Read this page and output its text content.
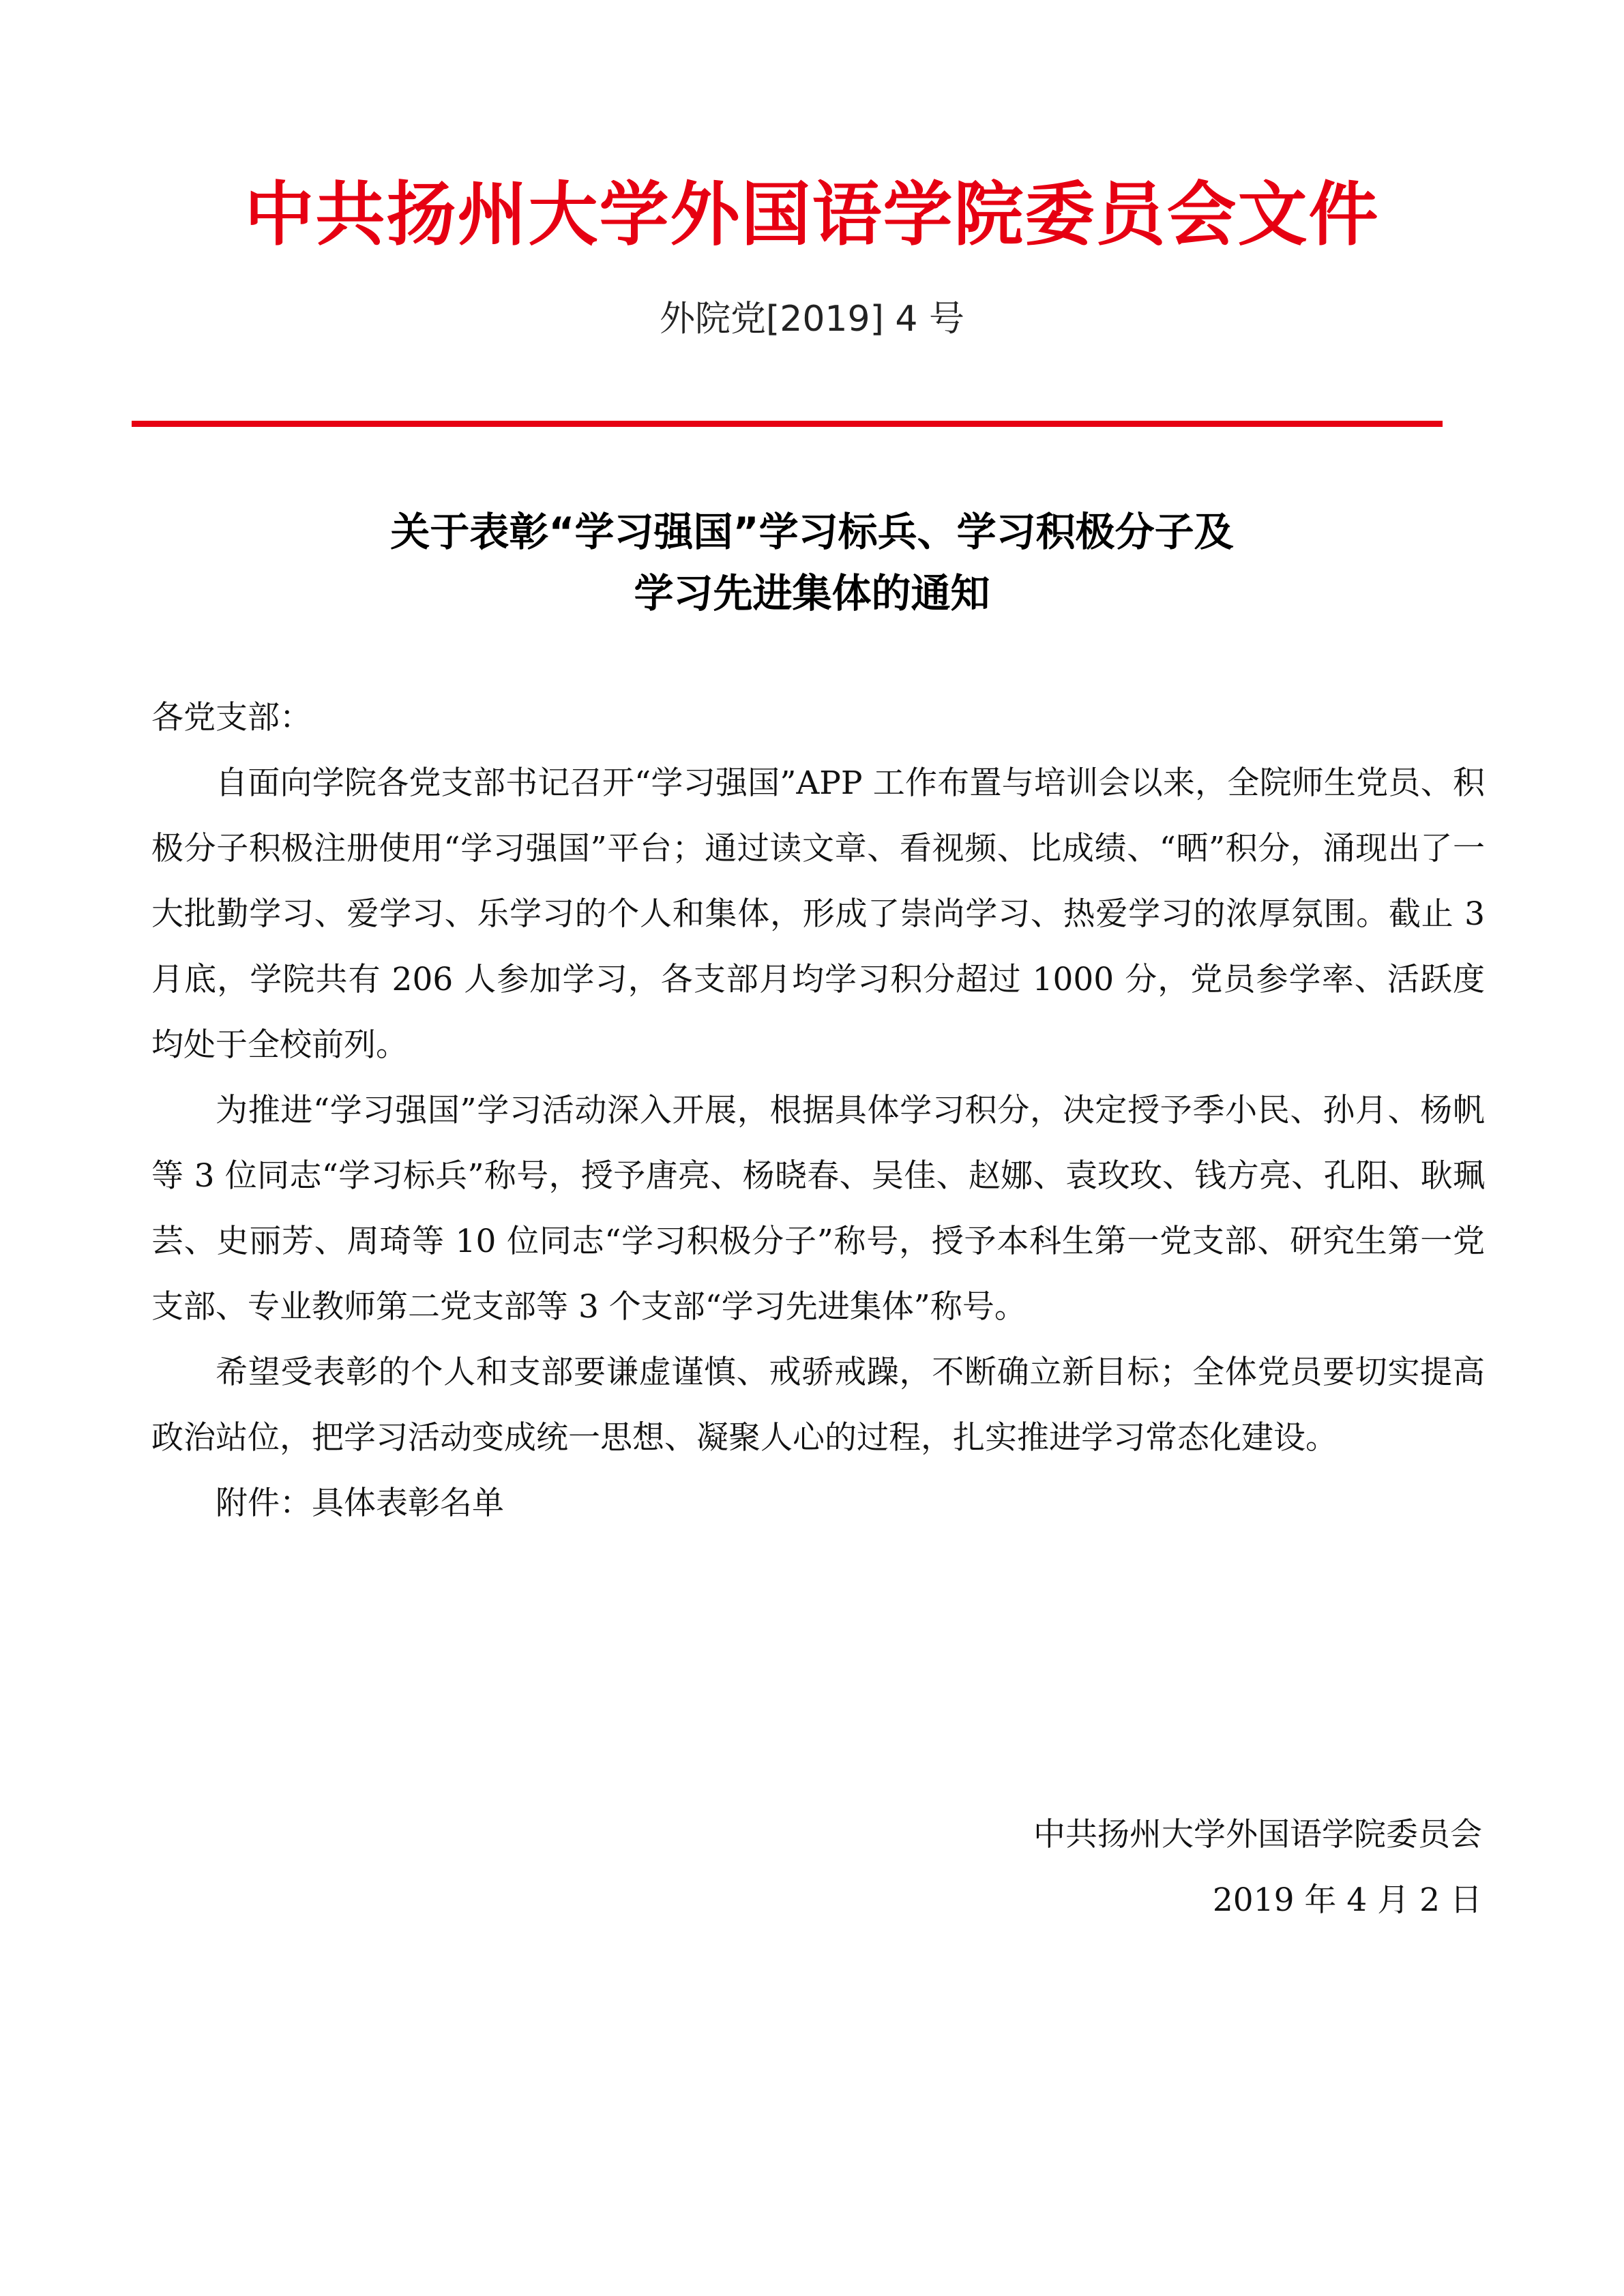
中共扬州大学外国语学院委员会文件
外院党[2019] 4 号
关于表彰“学习强国”学习标兵、学习积极分子及
学习先进集体的通知

各党支部：

自面向学院各党支部书记召开“学习强国”APP 工作布置与培训会以来，全院师生党员、积极分子积极注册使用“学习强国”平台；通过读文章、看视频、比成绩、“晒”积分，涌现出了一大批勤学习、爱学习、乐学习的个人和集体，形成了崇尚学习、热爱学习的浓厚氛围。截止 3 月底，学院共有 206 人参加学习，各支部月均学习积分超过 1000 分，党员参学率、活跃度均处于全校前列。

为推进“学习强国”学习活动深入开展，根据具体学习积分，决定授予季小民、孙月、杨帆等 3 位同志“学习标兵”称号，授予唐亮、杨晓春、吴佳、赵娜、袁玫玫、钱方亮、孔阳、耿珮芸、史丽芳、周琦等 10 位同志“学习积极分子”称号，授予本科生第一党支部、研究生第一党支部、专业教师第二党支部等 3 个支部“学习先进集体”称号。

希望受表彰的个人和支部要谦虚谨慎、戒骄戒躁，不断确立新目标；全体党员要切实提高政治站位，把学习活动变成统一思想、凝聚人心的过程，扎实推进学习常态化建设。

附件：具体表彰名单

中共扬州大学外国语学院委员会
2019 年 4 月 2 日
